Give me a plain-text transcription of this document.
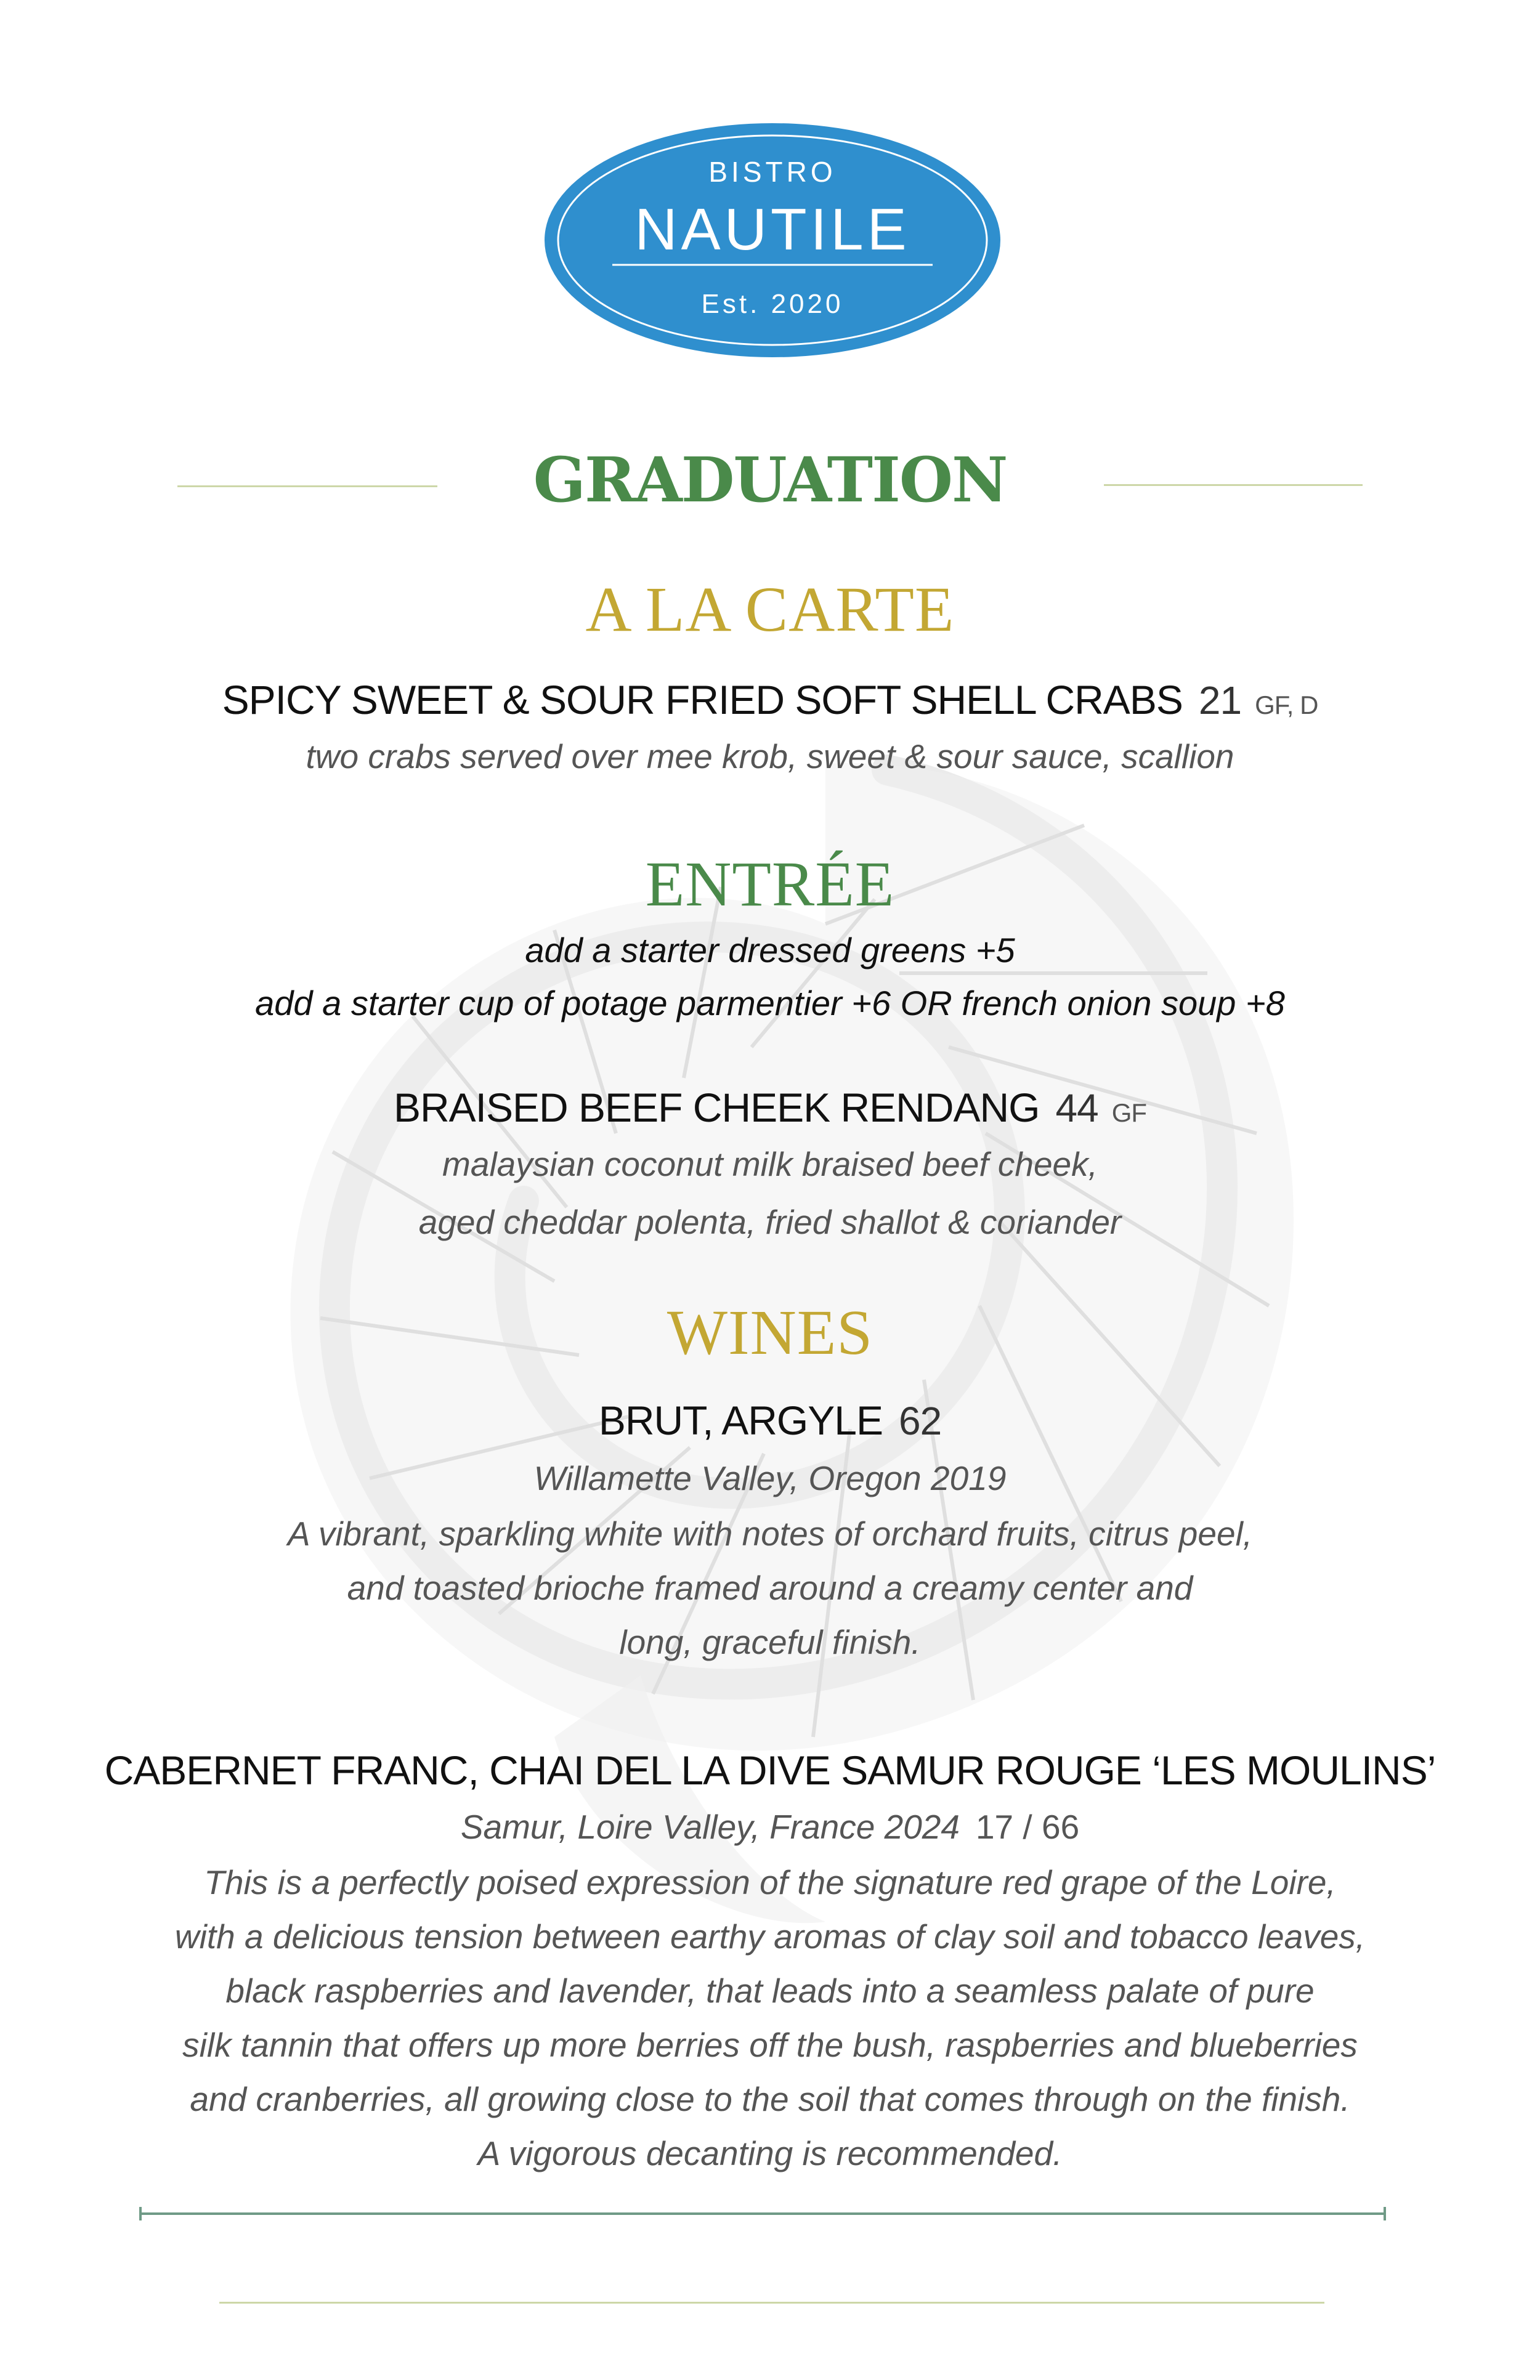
BISTRO
NAUTILE
Est. 2020
GRADUATION
A LA CARTE
SPICY SWEET & SOUR FRIED SOFT SHELL CRABS 21 GF, D
two crabs served over mee krob, sweet & sour sauce, scallion
ENTRÉE
add a starter dressed greens +5
add a starter cup of potage parmentier +6 OR french onion soup +8
BRAISED BEEF CHEEK RENDANG 44 GF
malaysian coconut milk braised beef cheek,
aged cheddar polenta, fried shallot & coriander
WINES
BRUT, ARGYLE 62
Willamette Valley, Oregon 2019
A vibrant, sparkling white with notes of orchard fruits, citrus peel,
and toasted brioche framed around a creamy center and
long, graceful finish.
CABERNET FRANC, CHAI DEL LA DIVE SAMUR ROUGE ‘LES MOULINS’
Samur, Loire Valley, France 2024 17 / 66
This is a perfectly poised expression of the signature red grape of the Loire,
with a delicious tension between earthy aromas of clay soil and tobacco leaves,
black raspberries and lavender, that leads into a seamless palate of pure
silk tannin that offers up more berries off the bush, raspberries and blueberries
and cranberries, all growing close to the soil that comes through on the finish.
A vigorous decanting is recommended.
